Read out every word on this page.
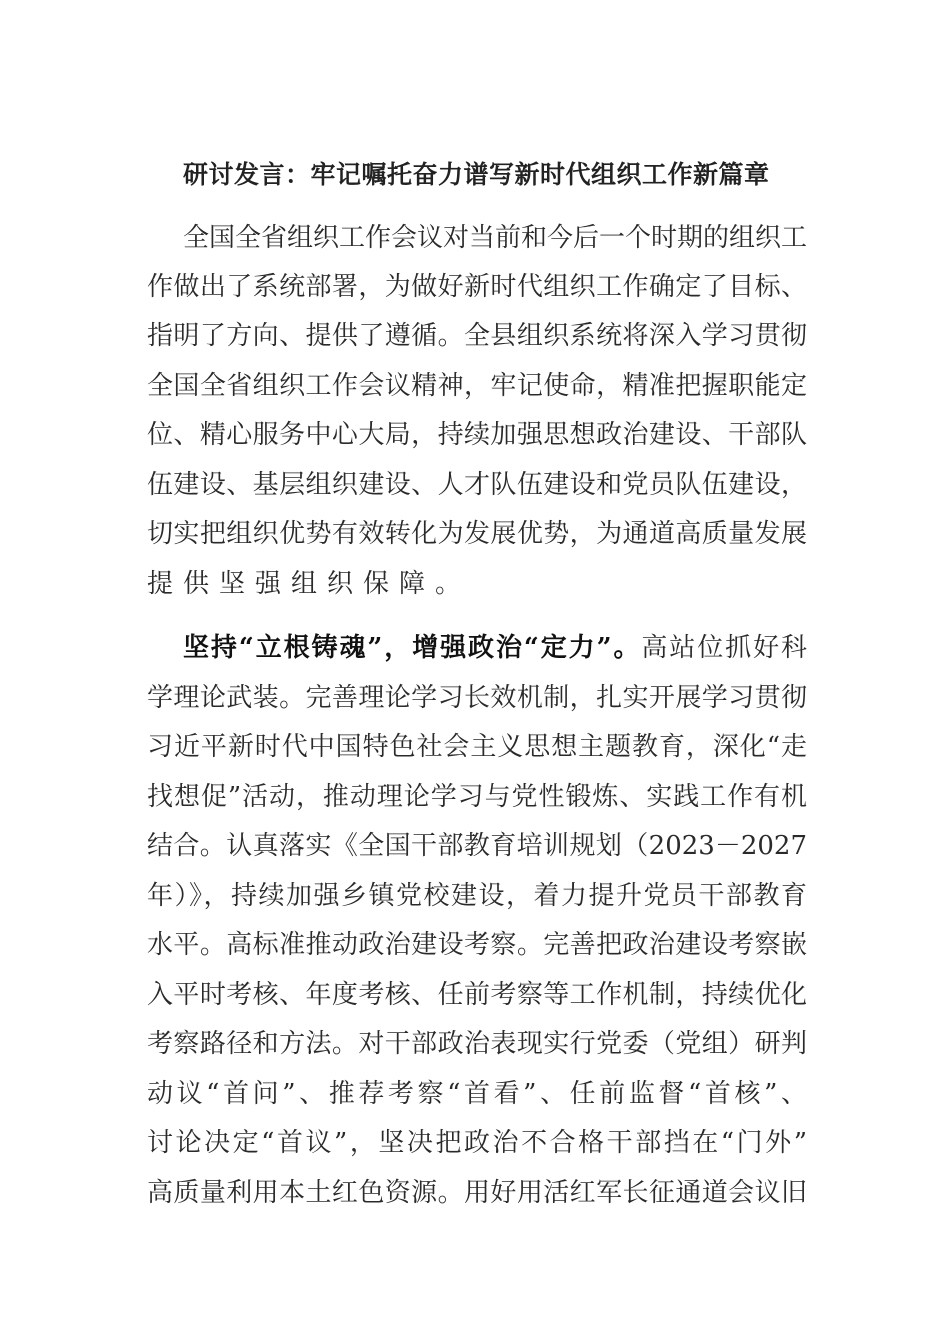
研讨发言：牢记嘱托奋力谱写新时代组织工作新篇章
全国全省组织工作会议对当前和今后一个时期的组织工
作做出了系统部署，为做好新时代组织工作确定了目标、
指明了方向、提供了遵循。全县组织系统将深入学习贯彻
全国全省组织工作会议精神，牢记使命，精准把握职能定
位、精心服务中心大局，持续加强思想政治建设、干部队
伍建设、基层组织建设、人才队伍建设和党员队伍建设，
切实把组织优势有效转化为发展优势，为通道高质量发展
提供坚强组织保障。
坚持“立根铸魂”，增强政治“定力”。高站位抓好科
学理论武装。完善理论学习长效机制，扎实开展学习贯彻
习近平新时代中国特色社会主义思想主题教育，深化“走
找想促”活动，推动理论学习与党性锻炼、实践工作有机
结合。认真落实《全国干部教育培训规划（2023－2027
年）》，持续加强乡镇党校建设，着力提升党员干部教育
水平。高标准推动政治建设考察。完善把政治建设考察嵌
入平时考核、年度考核、任前考察等工作机制，持续优化
考察路径和方法。对干部政治表现实行党委（党组）研判
动议“首问”、推荐考察“首看”、任前监督“首核”、
讨论决定“首议”，坚决把政治不合格干部挡在“门外”
高质量利用本土红色资源。用好用活红军长征通道会议旧
